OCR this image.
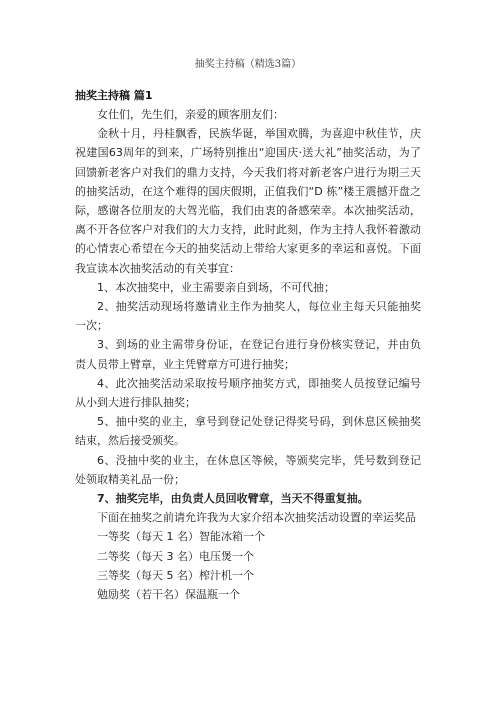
抽奖主持稿（精选3篇）
抽奖主持稿 篇1

女仕们，先生们，亲爱的顾客朋友们：

金秋十月，丹桂飘香，民族华诞，举国欢腾，为喜迎中秋佳节，庆祝建国63周年的到来，广场特别推出“迎国庆·送大礼”抽奖活动，为了回馈新老客户对我们的鼎力支持，今天我们将对新老客户进行为期三天的抽奖活动，在这个难得的国庆假期，正值我们“D 栋”楼王震撼开盘之际，感谢各位朋友的大驾光临，我们由衷的备感荣幸。本次抽奖活动，离不开各位客户对我们的大力支持，此时此刻，作为主持人我怀着激动的心情衷心希望在今天的抽奖活动上带给大家更多的幸运和喜悦。下面我宣读本次抽奖活动的有关事宜：

1、本次抽奖中，业主需要亲自到场，不可代抽；

2、抽奖活动现场将邀请业主作为抽奖人，每位业主每天只能抽奖一次；

3、到场的业主需带身份证，在登记台进行身份核实登记，并由负责人员带上臂章，业主凭臂章方可进行抽奖；

4、此次抽奖活动采取按号顺序抽奖方式，即抽奖人员按登记编号从小到大进行排队抽奖；

5、抽中奖的业主，拿号到登记处登记得奖号码，到休息区候抽奖结束，然后接受颁奖。

6、没抽中奖的业主，在休息区等候，等颁奖完毕，凭号数到登记处领取精美礼品一份；

7、抽奖完毕，由负责人员回收臂章，当天不得重复抽。

下面在抽奖之前请允许我为大家介绍本次抽奖活动设置的幸运奖品

一等奖（每天 1 名）智能冰箱一个

二等奖（每天 3 名）电压煲一个

三等奖（每天 5 名）榨汁机一个

勉励奖（若干名）保温瓶一个
